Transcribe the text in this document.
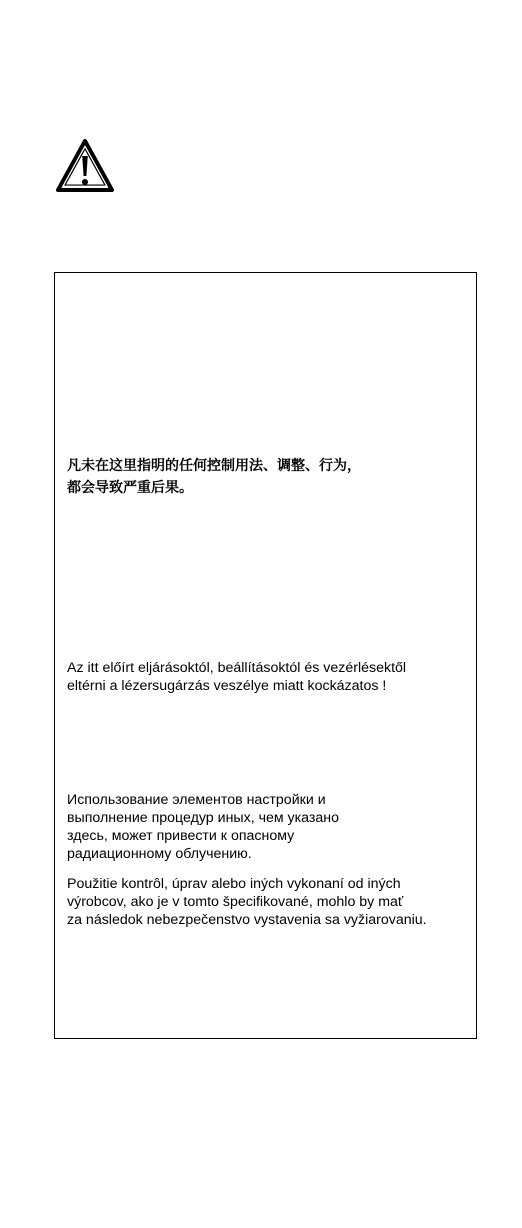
凡未在这里指明的任何控制用法、调整、行为，
都会导致严重后果。

Az itt előírt eljárásoktól, beállításoktól és vezérlésektől
eltérni a lézersugárzás veszélye miatt kockázatos !

Использование элементов настройки и
выполнение процедур иных, чем указано
здесь, может привести к опасному
радиационному облучению.

Použitie kontrôl, úprav alebo iných vykonaní od iných
výrobcov, ako je v tomto špecifikované, mohlo by mať
za následok nebezpečenstvo vystavenia sa vyžiarovaniu.
